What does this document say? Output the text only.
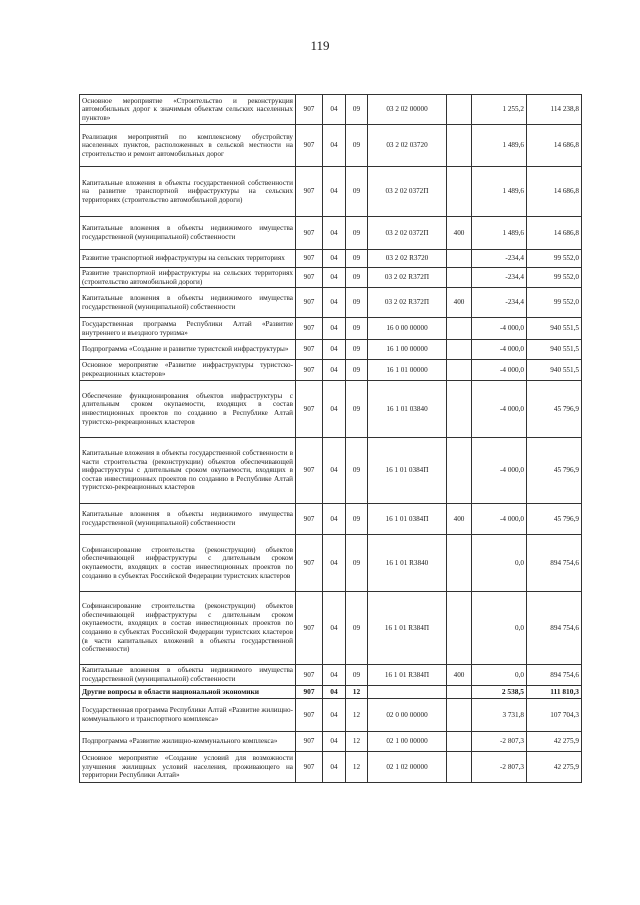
119
Основное мероприятие «Строительство и реконструкция автомобильных дорог к значимым объектам сельских населенных пунктов»	907	04	09	03 2 02 00000		1 255,2	114 238,8
Реализация мероприятий по комплексному обустройству населенных пунктов, расположенных в сельской местности на строительство и ремонт автомобильных дорог	907	04	09	03 2 02 03720		1 489,6	14 686,8
Капитальные вложения в объекты государственной собственности на развитие транспортной инфраструктуры на сельских территориях (строительство автомобильной дороги)	907	04	09	03 2 02 0372П		1 489,6	14 686,8
Капитальные вложения в объекты недвижимого имущества государственной (муниципальной) собственности	907	04	09	03 2 02 0372П	400	1 489,6	14 686,8
Развитие транспортной инфраструктуры на сельских территориях	907	04	09	03 2 02 R3720		-234,4	99 552,0
Развитие транспортной инфраструктуры на сельских территориях (строительство автомобильной дороги)	907	04	09	03 2 02 R372П		-234,4	99 552,0
Капитальные вложения в объекты недвижимого имущества государственной (муниципальной) собственности	907	04	09	03 2 02 R372П	400	-234,4	99 552,0
Государственная программа Республики Алтай «Развитие внутреннего и въездного туризма»	907	04	09	16 0 00 00000		-4 000,0	940 551,5
Подпрограмма «Создание и развитие туристской инфраструктуры»	907	04	09	16 1 00 00000		-4 000,0	940 551,5
Основное мероприятие «Развитие инфраструктуры туристско-рекреационных кластеров»	907	04	09	16 1 01 00000		-4 000,0	940 551,5
Обеспечение функционирования объектов инфраструктуры с длительным сроком окупаемости, входящих в состав инвестиционных проектов по созданию в Республике Алтай туристско-рекреационных кластеров	907	04	09	16 1 01 03840		-4 000,0	45 796,9
Капитальные вложения в объекты государственной собственности в части строительства (реконструкции) объектов обеспечивающей инфраструктуры с длительным сроком окупаемости, входящих в состав инвестиционных проектов по созданию в Республике Алтай туристско-рекреационных кластеров	907	04	09	16 1 01 0384П		-4 000,0	45 796,9
Капитальные вложения в объекты недвижимого имущества государственной (муниципальной) собственности	907	04	09	16 1 01 0384П	400	-4 000,0	45 796,9
Софинансирование строительства (реконструкции) объектов обеспечивающей инфраструктуры с длительным сроком окупаемости, входящих в состав инвестиционных проектов по созданию в субъектах Российской Федерации туристских кластеров	907	04	09	16 1 01 R3840		0,0	894 754,6
Софинансирование строительства (реконструкции) объектов обеспечивающей инфраструктуры с длительным сроком окупаемости, входящих в состав инвестиционных проектов по созданию в субъектах Российской Федерации туристских кластеров (в части капитальных вложений в объекты государственной собственности)	907	04	09	16 1 01 R384П		0,0	894 754,6
Капитальные вложения в объекты недвижимого имущества государственной (муниципальной) собственности	907	04	09	16 1 01 R384П	400	0,0	894 754,6
Другие вопросы в области национальной экономики	907	04	12			2 538,5	111 810,3
Государственная программа Республики Алтай «Развитие жилищно-коммунального и транспортного комплекса»	907	04	12	02 0 00 00000		3 731,8	107 704,3
Подпрограмма «Развитие жилищно-коммунального комплекса»	907	04	12	02 1 00 00000		-2 807,3	42 275,9
Основное мероприятие «Создание условий для возможности улучшения жилищных условий населения, проживающего на территории Республики Алтай»	907	04	12	02 1 02 00000		-2 807,3	42 275,9
